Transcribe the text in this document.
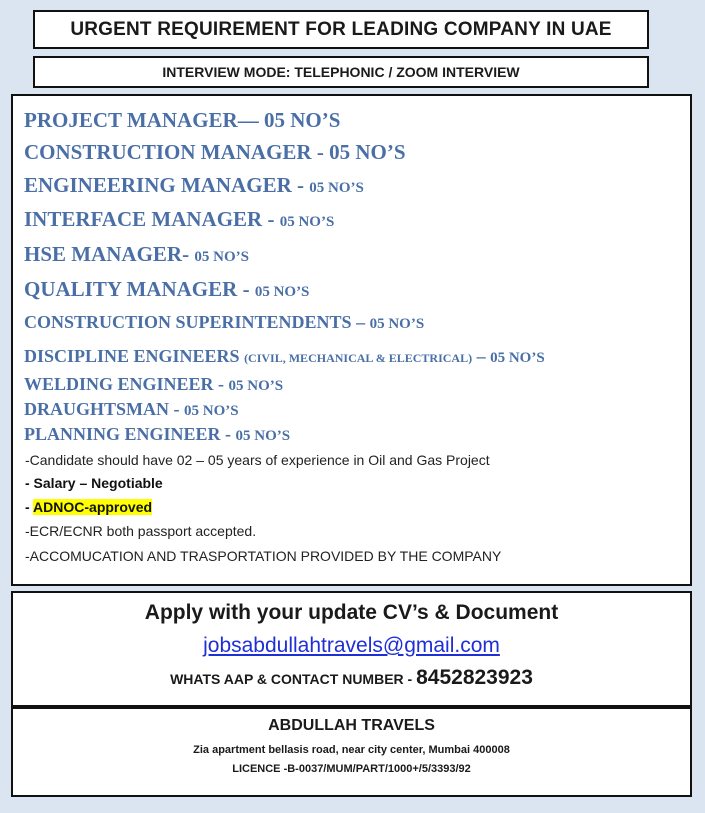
URGENT REQUIREMENT FOR LEADING COMPANY IN UAE
INTERVIEW MODE: TELEPHONIC / ZOOM INTERVIEW
PROJECT MANAGER— 05 NO’S
CONSTRUCTION MANAGER - 05 NO’S
ENGINEERING MANAGER - 05 NO’S
INTERFACE MANAGER - 05 NO’S
HSE MANAGER- 05 NO’S
QUALITY MANAGER - 05 NO’S
CONSTRUCTION SUPERINTENDENTS – 05 NO’S
DISCIPLINE ENGINEERS (CIVIL, MECHANICAL & ELECTRICAL) – 05 NO’S
WELDING ENGINEER - 05 NO’S
DRAUGHTSMAN - 05 NO’S
PLANNING ENGINEER - 05 NO’S
-Candidate should have 02 – 05 years of experience in Oil and Gas Project
- Salary – Negotiable
- ADNOC-approved
-ECR/ECNR both passport accepted.
-ACCOMUCATION AND TRASPORTATION PROVIDED BY THE COMPANY
Apply with your update CV’s & Document
jobsabdullahtravels@gmail.com
WHATS AAP & CONTACT NUMBER - 8452823923
ABDULLAH TRAVELS
Zia apartment bellasis road, near city center, Mumbai 400008
LICENCE -B-0037/MUM/PART/1000+/5/3393/92
